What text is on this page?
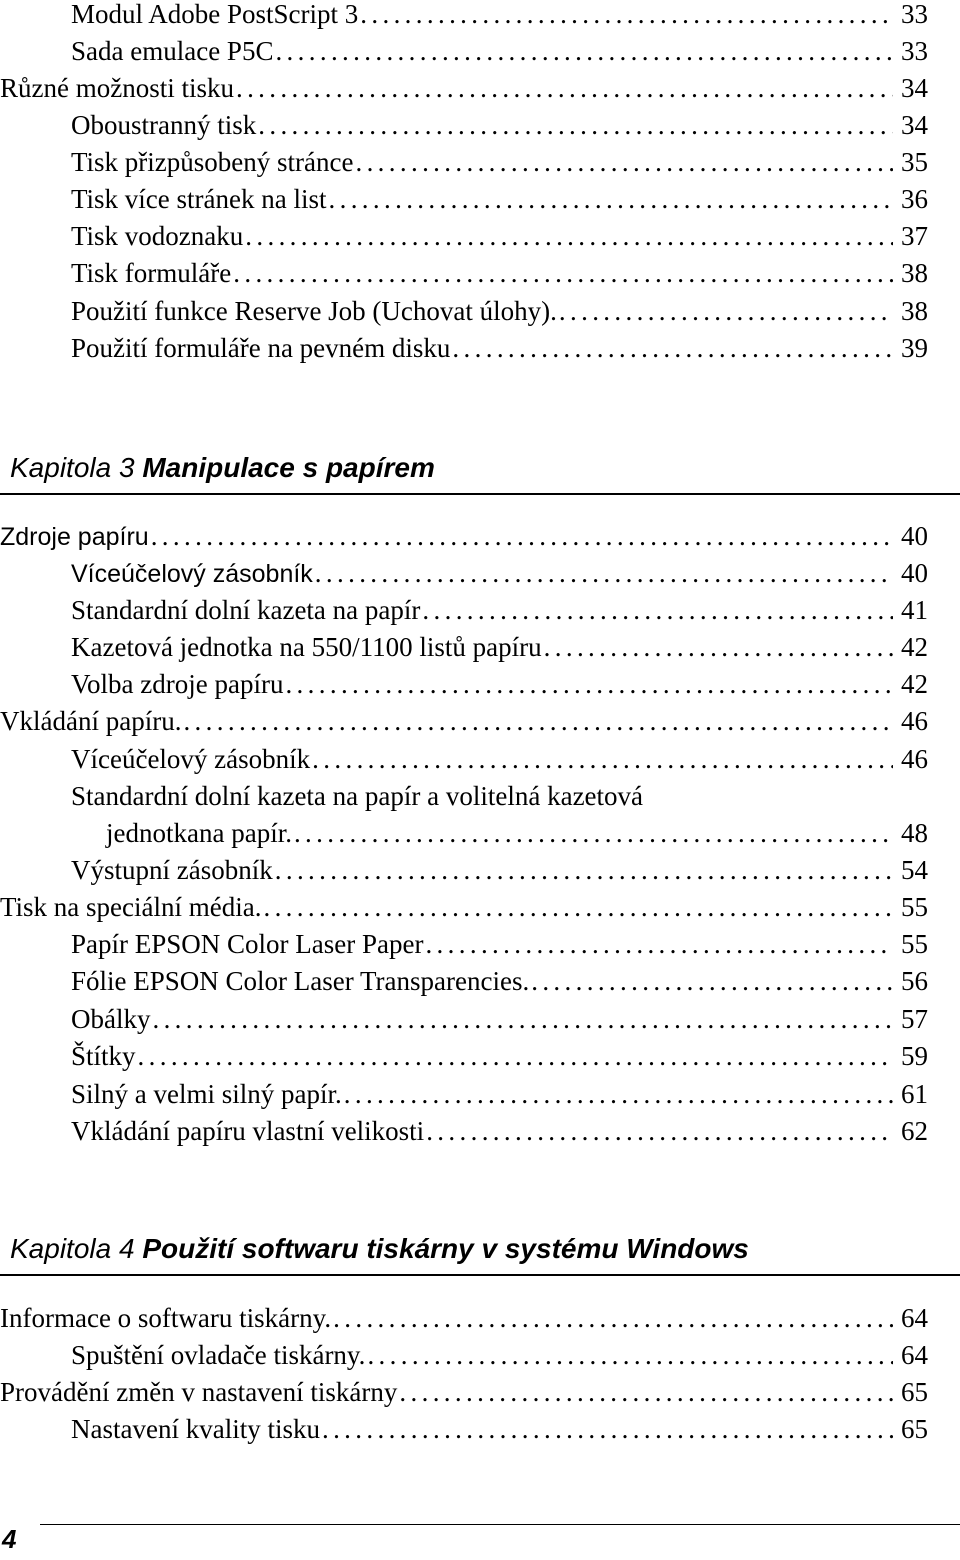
Modul Adobe PostScript 3 . . .	33
Sada emulace P5C . . .	33
Různé možnosti tisku . . .	34
Oboustranný tisk . . .	34
Tisk přizpůsobený stránce . . .	35
Tisk více stránek na list . . .	36
Tisk vodoznaku . . .	37
Tisk formuláře . . .	38
Použití funkce Reserve Job (Uchovat úlohy). . . .	38
Použití formuláře na pevném disku . . .	39
Kapitola 3 Manipulace s papírem
Zdroje papíru . . .	40
Víceúčelový zásobník . . .	40
Standardní dolní kazeta na papír . . .	41
Kazetová jednotka na 550/1100 listů papíru . . .	42
Volba zdroje papíru . . .	42
Vkládání papíru. . . .	46
Víceúčelový zásobník . . .	46
Standardní dolní kazeta na papír a volitelná kazetová
jednotkana papír. . . .	48
Výstupní zásobník . . .	54
Tisk na speciální média. . . .	55
Papír EPSON Color Laser Paper . . .	55
Fólie EPSON Color Laser Transparencies. . . .	56
Obálky . . .	57
Štítky . . .	59
Silný a velmi silný papír. . . .	61
Vkládání papíru vlastní velikosti . . .	62
Kapitola 4 Použití softwaru tiskárny v systému Windows
Informace o softwaru tiskárny. . . .	64
Spuštění ovladače tiskárny. . . .	64
Provádění změn v nastavení tiskárny . . .	65
Nastavení kvality tisku . . .	65
4
